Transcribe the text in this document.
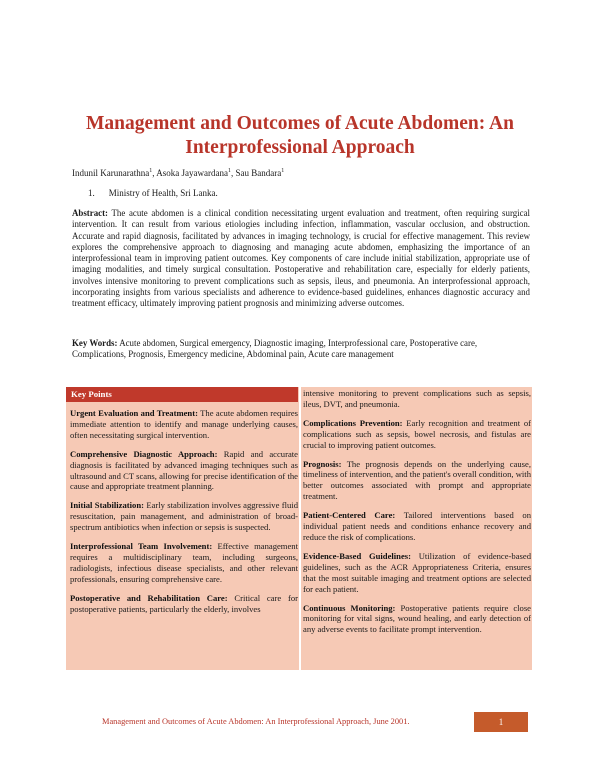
Management and Outcomes of Acute Abdomen: An Interprofessional Approach
Indunil Karunarathna$^1$, Asoka Jayawardana$^1$, Sau Bandara$^1$
1. Ministry of Health, Sri Lanka.
Abstract: The acute abdomen is a clinical condition necessitating urgent evaluation and treatment, often requiring surgical intervention. It can result from various etiologies including infection, inflammation, vascular occlusion, and obstruction. Accurate and rapid diagnosis, facilitated by advances in imaging technology, is crucial for effective management. This review explores the comprehensive approach to diagnosing and managing acute abdomen, emphasizing the importance of an interprofessional team in improving patient outcomes. Key components of care include initial stabilization, appropriate use of imaging modalities, and timely surgical consultation. Postoperative and rehabilitation care, especially for elderly patients, involves intensive monitoring to prevent complications such as sepsis, ileus, and pneumonia. An interprofessional approach, incorporating insights from various specialists and adherence to evidence-based guidelines, enhances diagnostic accuracy and treatment efficacy, ultimately improving patient prognosis and minimizing adverse outcomes.
Key Words: Acute abdomen, Surgical emergency, Diagnostic imaging, Interprofessional care, Postoperative care, Complications, Prognosis, Emergency medicine, Abdominal pain, Acute care management
Key Points
Urgent Evaluation and Treatment: The acute abdomen requires immediate attention to identify and manage underlying causes, often necessitating surgical intervention.
Comprehensive Diagnostic Approach: Rapid and accurate diagnosis is facilitated by advanced imaging techniques such as ultrasound and CT scans, allowing for precise identification of the cause and appropriate treatment planning.
Initial Stabilization: Early stabilization involves aggressive fluid resuscitation, pain management, and administration of broad-spectrum antibiotics when infection or sepsis is suspected.
Interprofessional Team Involvement: Effective management requires a multidisciplinary team, including surgeons, radiologists, infectious disease specialists, and other relevant professionals, ensuring comprehensive care.
Postoperative and Rehabilitation Care: Critical care for postoperative patients, particularly the elderly, involves
intensive monitoring to prevent complications such as sepsis, ileus, DVT, and pneumonia.
Complications Prevention: Early recognition and treatment of complications such as sepsis, bowel necrosis, and fistulas are crucial to improving patient outcomes.
Prognosis: The prognosis depends on the underlying cause, timeliness of intervention, and the patient's overall condition, with better outcomes associated with prompt and appropriate treatment.
Patient-Centered Care: Tailored interventions based on individual patient needs and conditions enhance recovery and reduce the risk of complications.
Evidence-Based Guidelines: Utilization of evidence-based guidelines, such as the ACR Appropriateness Criteria, ensures that the most suitable imaging and treatment options are selected for each patient.
Continuous Monitoring: Postoperative patients require close monitoring for vital signs, wound healing, and early detection of any adverse events to facilitate prompt intervention.
Management and Outcomes of Acute Abdomen: An Interprofessional Approach, June 2001.	1
